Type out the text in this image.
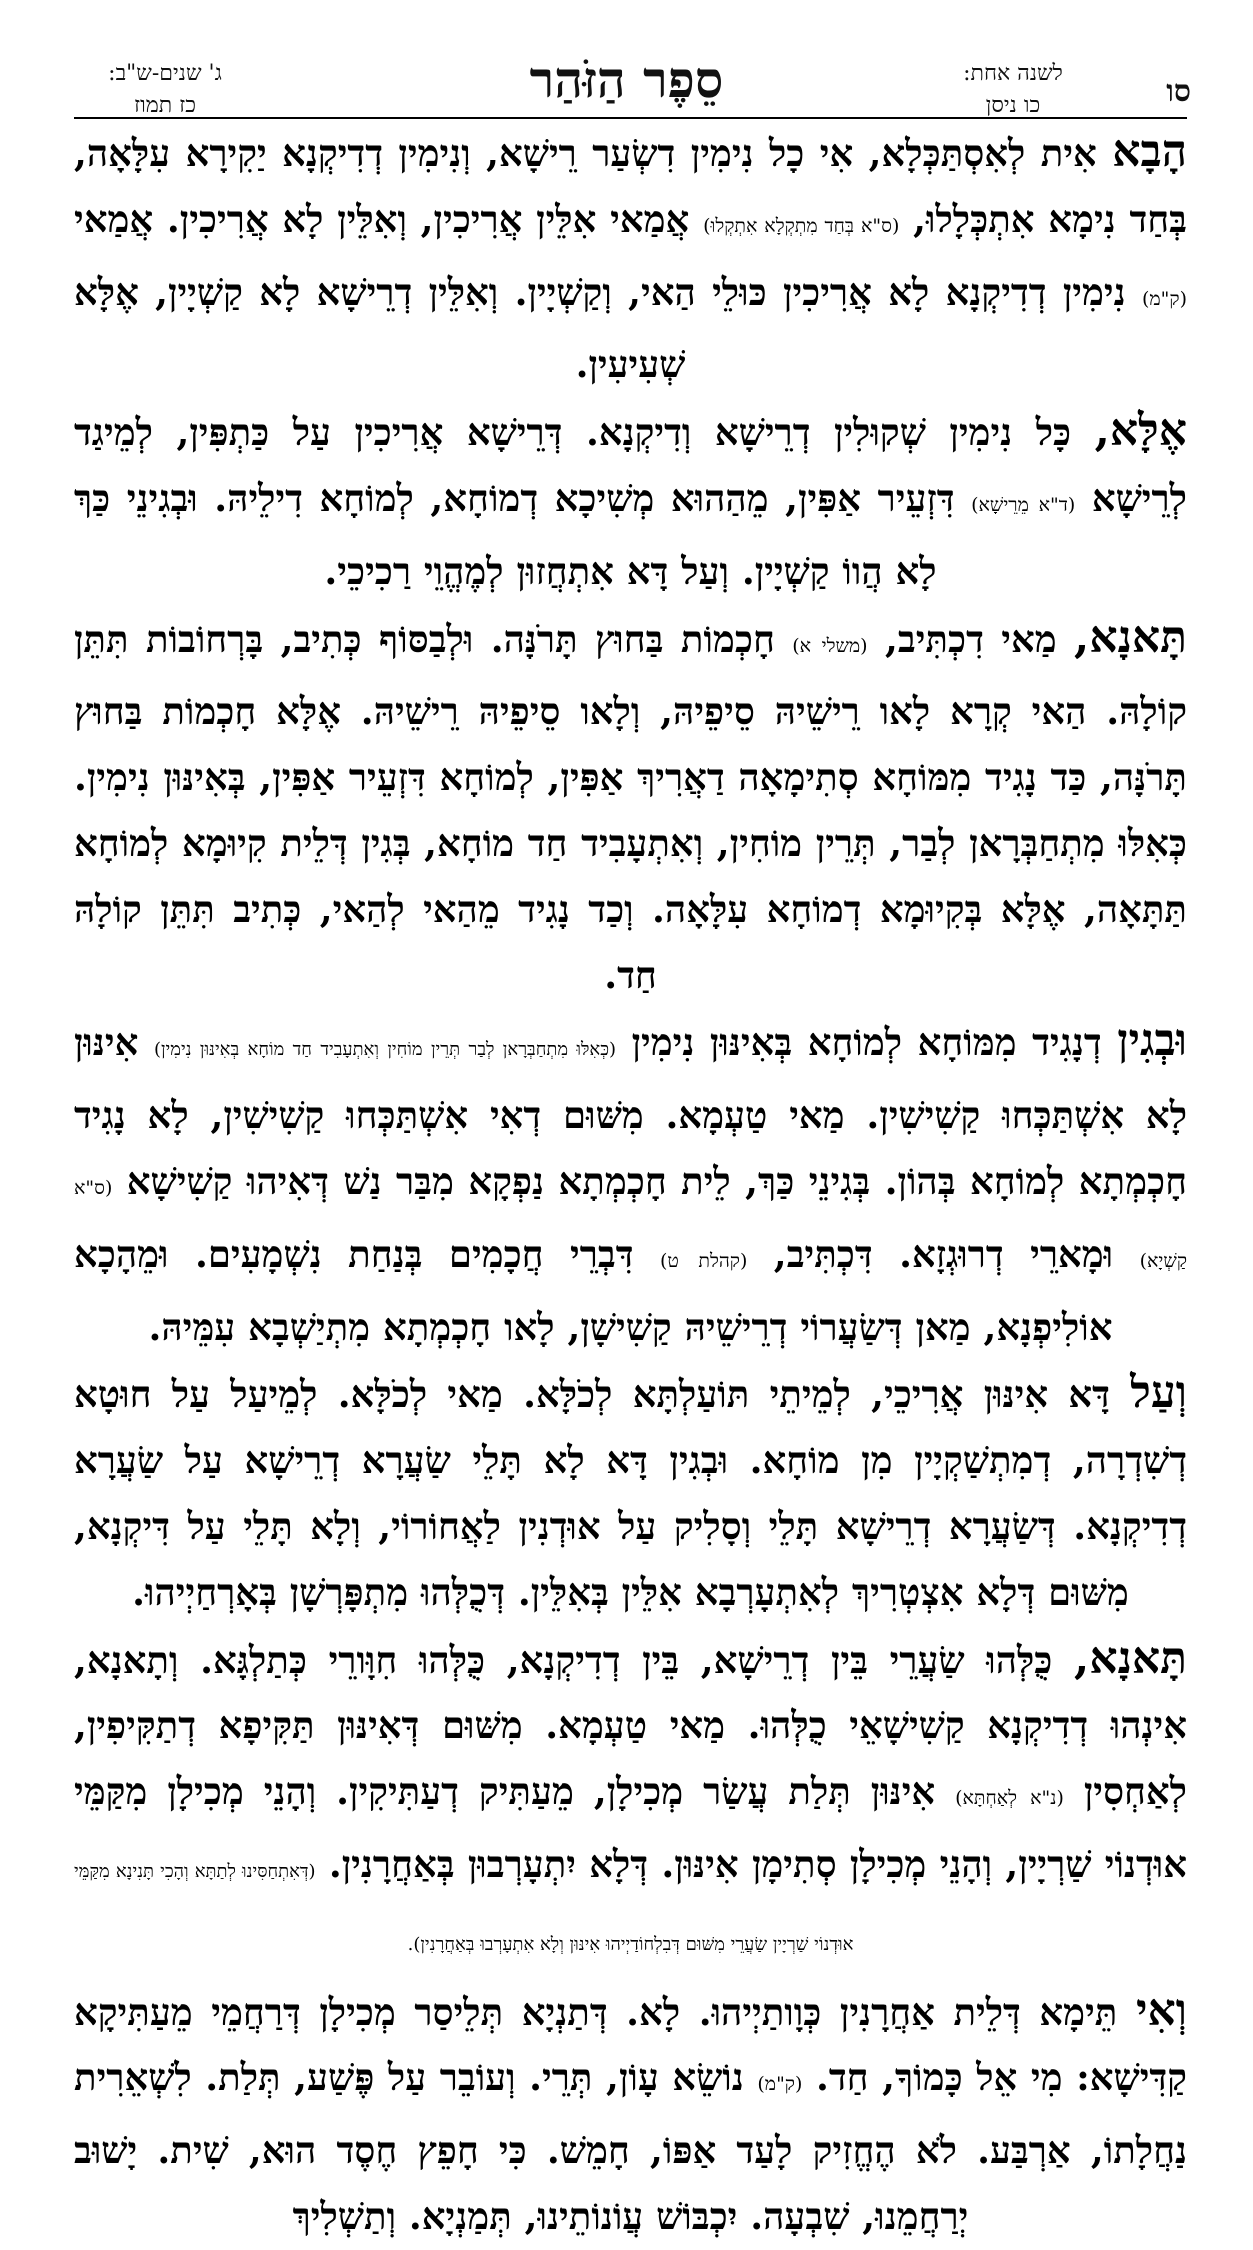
סו
לשנה אחת:
כו ניסן
סֵפֶר הַזֹּהַר
ג' שנים-ש"ב:
כז תמוז

הָבָא אִית לְאִסְתַּכְּלָא, אִי כָל נִימִין דִשְׂעַר רֵישָׁא, וְנִימִין דְדִיקְנָא יַקִירָא עִלָּאָה, בְּחַד נִימָא אִתְכְּלָלוּ, (ס"א בְּחַד מִתְקְלָא אִתְקְלוּ) אֲמַאי אִלֵּין אֲרִיכִין, וְאִלֵּין לָא אֲרִיכִין. אֲמַאי (ק"מ) נִימִין דְדִיקְנָא לָא אֲרִיכִין כּוּלֵי הַאי, וְקַשְׁיָין. וְאִלֵּין דְרֵישָׁא לָא קַשְׁיָין, אֶלָּא שְׁעִיעִין.

אֶלָּא, כָּל נִימִין שְׁקוּלִין דְרֵישָׁא וְדִיקְנָא. דְּרֵישָׁא אֲרִיכִין עַל כַּתְפִּין, לְמֵיגַד לְרֵישָׁא (ד"א מֵרֵישָׁא) דִּזְעֵיר אַפִּין, מֵהַהוּא מְשִׁיכָא דְמוֹחָא, לְמוֹחָא דִילֵיהּ. וּבְגִינֵי כַּךְ לָא הֲווֹ קַשְׁיָין. וְעַל דָּא אִתְחֲזוּן לְמֶהֱוֵי רַכִיכֵי.

תָּאנָא, מַאי דִכְתִּיב, (משלי א) חָכְמוֹת בַּחוּץ תָּרֹנָּה. וּלְבַסּוֹף כְּתִיב, בָּרְחוֹבוֹת תִּתֵּן קוֹלָהּ. הַאי קְרָא לָאו רֵישֵׁיהּ סֵיפֵיהּ, וְלָאו סֵיפֵיהּ רֵישֵׁיהּ. אֶלָּא חָכְמוֹת בַּחוּץ תָּרֹנָּה, כַּד נָגִיד מִמּוֹחָא סְתִימָאָה דַאֲרִיךְ אַפִּין, לְמוֹחָא דִּזְעֵיר אַפִּין, בְּאִינּוּן נִימִין. כְּאִלּוּ מִתְחַבְּרָאן לְבַר, תְּרֵין מוֹחִין, וְאִתְעָבִיד חַד מוֹחָא, בְּגִין דְּלֵית קִיוּמָא לְמוֹחָא תַּתָּאָה, אֶלָּא בְּקִיוּמָא דְמוֹחָא עִלָּאָה. וְכַד נָגִיד מֵהַאי לְהַאי, כְּתִיב תִּתֵּן קוֹלָהּ חַד.

וּבְגִין דְנָגִיד מִמּוֹחָא לְמוֹחָא בְּאִינּוּן נִימִין (כְּאִלּוּ מִתְחַבְּרָאן לְבַר תְּרֵין מוֹחִין וְאִתְעָבִיד חַד מוֹחָא בְּאִינּוּן נִימִין) אִינּוּן לָא אִשְׁתַּכְּחוּ קַשִׁישִׁין. מַאי טַעְמָא. מִשּׁוּם דְאִי אִשְׁתַּכְּחוּ קַשִׁישִׁין, לָא נָגִיד חָכְמְתָא לְמוֹחָא בְּהוֹן. בְּגִינֵי כַּךְ, לֵית חָכְמְתָא נַפְקָא מִבַּר נַשׁ דְּאִיהוּ קַשִׁישָׁא (ס"א קַשְׁיָא) וּמָארֵי דְרוּגְזָא. דִּכְתִּיב, (קהלת ט) דִּבְרֵי חֲכָמִים בְּנַחַת נִשְׁמָעִים. וּמֵהָכָא אוֹלִיפְנָא, מַאן דְּשַׂעֲרוֹי דְרֵישֵׁיהּ קַשִׁישָׁן, לָאו חָכְמְתָא מִתְיַשְׁבָא עִמֵּיהּ.

וְעַל דָּא אִינּוּן אֲרִיכֵי, לְמֵיתֵי תּוֹעַלְתָּא לְכֹלָּא. מַאי לְכֹלָּא. לְמֵיעַל עַל חוּטָא דְשִׁדְרָה, דְמִתְשַׁקְיָין מִן מוֹחָא. וּבְגִין דָּא לָא תָּלֵי שַׂעֲרָא דְרֵישָׁא עַל שַׂעֲרָא דְדִיקְנָא. דְּשַׂעֲרָא דְרֵישָׁא תָּלֵי וְסָלִיק עַל אוּדְנִין לַאֲחוֹרוֹי, וְלָא תָּלֵי עַל דִּיקְנָא, מִשּׁוּם דְּלָא אִצְטְרִיךְ לְאִתְעָרְבָא אִלֵּין בְּאִלֵּין. דְּכֻלְּהוּ מִתְפָּרְשָׁן בְּאָרְחַיְיהוּ.

תָּאנָא, כֻּלְּהוּ שַׂעֲרֵי בֵּין דְרֵישָׁא, בֵּין דְדִיקְנָא, כֻּלְּהוּ חִוָּורֵי כְּתַלְגָּא. וְתָאנָא, אִינְהוּ דְדִיקְנָא קַשִׁישָׁאֵי כֻלְּהוּ. מַאי טַעְמָא. מִשּׁוּם דְּאִינּוּן תַּקִּיפָא דְתַקִּיפִין, לְאַחְסִין (נ"א לְאַחְתָּא) אִינּוּן תְּלַת עֲשַׂר מְכִילָן, מֵעַתִּיק דְעַתִּיקִין. וְהָנֵי מְכִילָן מִקַּמֵּי אוּדְנוֹי שַׁרְיָין, וְהָנֵי מְכִילָן סְתִימָן אִינּוּן. דְּלָא יִתְעָרְבוּן בְּאַחֲרָנִין. (דְּאִתְחַסִּינוּ לְתַתָּא וְהָכִי תָּנִינָא מִקַּמֵּי אוּדְנוֹי שַׁרְיָין שַׂעֲרֵי מִשּׁוּם דְּבִלְחוֹדַיְיהוּ אִינּוּן וְלָא אִתְעָרְבוּ בְּאַחֲרָנִין).

וְאִי תֵּימָא דְּלֵית אַחֲרָנִין כְּוָותַיְיהוּ. לָא. דְּתַנְיָא תְּלֵיסַר מְכִילָן דְּרַחֲמֵי מֵעַתִּיקָא קַדִּישָׁא: מִי אֵל כָּמוֹךָ, חַד. (ק"מ) נוֹשֵׂא עָוֹן, תְּרֵי. וְעוֹבֵר עַל פֶּשַׁע, תְּלַת. לִשְׁאֵרִית נַחֲלָתוֹ, אַרְבַּע. לֹא הֶחֱזִיק לָעַד אַפּוֹ, חָמֵשׁ. כִּי חָפֵץ חֶסֶד הוּא, שִׁית. יָשׁוּב יְרַחֲמֵנוּ, שִׁבְעָה. יִכְבּוֹשׁ עֲוֹנוֹתֵינוּ, תְּמַנְיָא. וְתַשְׁלִיךְ
